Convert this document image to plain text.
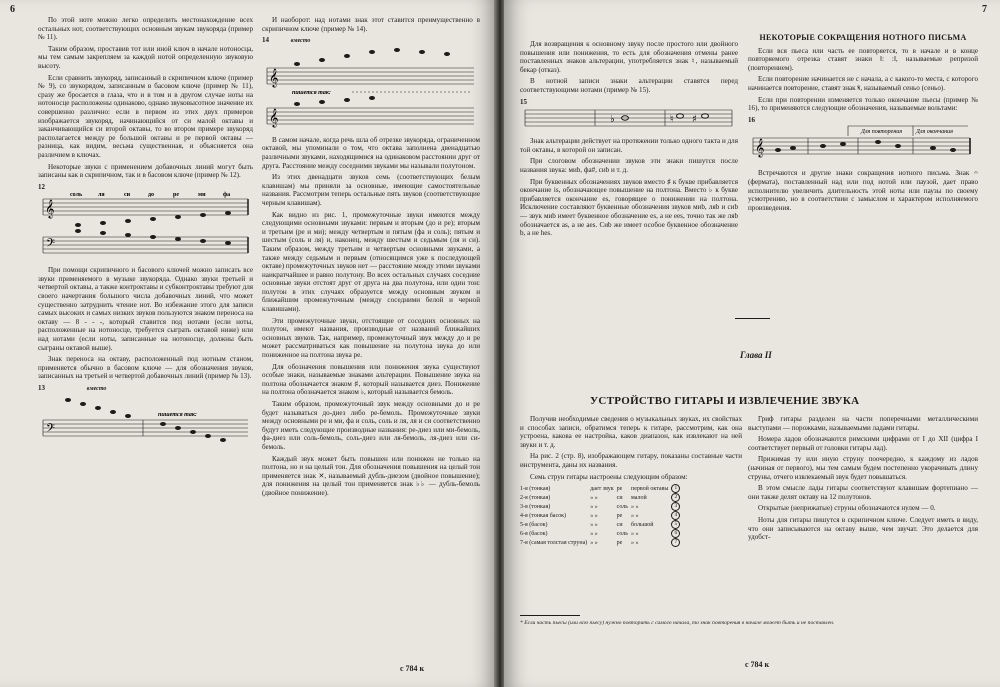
6

По этой ноте можно легко определить местонахождение всех остальных нот, соответствующих основным звукам звукоряда (пример № 11).

Таким образом, проставив тот или иной ключ в начале нотоносца, мы тем самым закрепляем за каждой нотой определенную звуковую высоту.

Если сравнить звукоряд, записанный в скрипичном ключе (пример № 9), со звукорядом, записанным в басовом ключе (пример № 11), сразу же бросается в глаза, что и в том и в другом случае ноты на нотоносце расположены одинаково, однако звуковысотное значение их совершенно различно: если в первом из этих двух примеров изображается звукоряд, начинающийся от си малой октавы и заканчивающийся си второй октавы, то во втором примере звукоряд располагается между ре большой октавы и ре первой октавы — разница, как видим, весьма существенная, и объясняется она различием в ключах.

Некоторые звуки с применением добавочных линий могут быть записаны как в скрипичном, так и в басовом ключе (пример № 12).

12
𝄞
𝄢
соль	ля	си	до	ре	ми	фа

При помощи скрипичного и басового ключей можно записать все звуки применяемого в музыке звукоряда. Однако звуки третьей и четвертой октавы, а также контроктавы и субконтроктавы требуют для своего начертания большого числа добавочных линий, что может существенно затруднить чтение нот. Во избежание этого для записи самых высоких и самых низких звуков пользуются знаком переноса на октаву — 8 - - -, который ставится под нотами (если ноты, расположенные на нотоносце, требуется сыграть октавой ниже) или над нотами (если ноты, записанные на нотоносце, должны быть сыграны октавой выше).

Знак переноса на октаву, расположенный под нотным станом, применяется обычно в басовом ключе — для обозначения звуков, записанных на третьей и четвертой добавочных линий (пример № 13).

13	вместо
𝄢
пишется так:

И наоборот: над нотами знак этот ставится преимущественно в скрипичном ключе (пример № 14).

14	вместо
𝄞
𝄞
пишется так:

В самом начале, когда речь шла об отрезке звукоряда, ограниченном октавой, мы упоминали о том, что октава заполнена двенадцатью различными звуками, находящимися на одинаковом расстоянии друг от друга. Расстояние между соседними звуками мы называли полутоном.

Из этих двенадцати звуков семь (соответствующих белым клавишам) мы приняли за основные, имеющие самостоятельные названия. Рассмотрим теперь остальные пять звуков (соответствующие черным клавишам).

Как видно из рис. 1, промежуточные звуки имеются между следующими основными звуками: первым и вторым (до и ре); вторым и третьим (ре и ми); между четвертым и пятым (фа и соль); пятым и шестым (соль и ля) и, наконец, между шестым и седьмым (ля и си). Таким образом, между третьим и четвертым основными звуками, а также между седьмым и первым (относящимся уже к последующей октаве) промежуточных звуков нет — расстояние между этими звуками наикратчайшее и равно полутону. Во всех остальных случаях соседние основные звуки отстоят друг от друга на два полутона, или один тон: полутон в этих случаях образуется между основным звуком и ближайшим промежуточным (между соседними белой и черной клавишами).

Эти промежуточные звуки, отстоящие от соседних основных на полутон, имеют названия, производные от названий ближайших основных звуков. Так, например, промежуточный звук между до и ре может рассматриваться как повышение на полутона звука до или пониженное на полтона звука ре.

Для обозначения повышения или понижения звука существуют особые знаки, называемые знаками альтерации. Повышение звука на полтона обозначается знаком ♯, который называется диез. Понижение на полтона обозначается знаком ♭, который называется бемоль.

Таким образом, промежуточный звук между основными до и ре будет называться до-диез либо ре-бемоль. Промежуточные звуки между основными ре и ми, фа и соль, соль и ля, ля и си соответственно будут иметь следующие производные названия: ре-диез или ми-бемоль, фа-диез или соль-бемоль, соль-диез или ля-бемоль, ля-диез или си-бемоль.

Каждый звук может быть повышен или понижен не только на полтона, но и на целый тон. Для обозначения повышения на целый тон применяется знак ✕, называемый дубль-диезом (двойное повышение); для понижения на целый тон применяется знак ♭♭ — дубль-бемоль (двойное понижение).

с 784 к
7

Для возвращения к основному звуку после простого или двойного повышения или понижения, то есть для обозначения отмены ранее поставленных знаков альтерации, употребляется знак ♮, называемый бекар (отказ).

В нотной записи знаки альтерации ставятся перед соответствующими нотами (пример № 15).

15
♭	♮ ♯

Знак альтерации действует на протяжении только одного такта и для той октавы, в которой он записан.

При слоговом обозначении звуков эти знаки пишутся после названия звука: миb, фа#, сиb и т. д.

При буквенных обозначениях звуков вместо ♯ к букве прибавляется окончание is, обозначающее повышение на полтона. Вместо ♭ к букве прибавляется окончание es, говорящее о понижении на полтона. Исключение составляют буквенные обозначения звуков миb, ляb и сиb — звук миb имеет буквенное обозначение es, а не ees, точно так же ляb обозначается as, а не aes. Сиb же имеет особое буквенное обозначение b, а не hes.

НЕКОТОРЫЕ СОКРАЩЕНИЯ НОТНОГО ПИСЬМА

Если вся пьеса или часть ее повторяется, то в начале и в конце повторяемого отрезка ставят знаки ‖: :‖, называемые репризой (повторением).

Если повторение начинается не с начала, а с какого-то места, с которого начинается повторение, ставят знак 𝄋, называемый сеньо (сеньо).

Если при повторении изменяется только окончание пьесы (пример № 16), то применяются следующие обозначения, называемые вольтами:

16
𝄞
Для повторения Для окончания

Встречаются и другие знаки сокращения нотного письма. Знак 𝄐 (фермата), поставленный над или под нотой или паузой, дает право исполнителю увеличить длительность этой ноты или паузы по своему усмотрению, но в соответствии с замыслом и характером исполняемого произведения.

Глава II
УСТРОЙСТВО ГИТАРЫ И ИЗВЛЕЧЕНИЕ ЗВУКА

Получив необходимые сведения о музыкальных звуках, их свойствах и способах записи, обратимся теперь к гитаре, рассмотрим, как она устроена, какова ее настройка, каков диапазон, как извлекают на ней звуки и т. д.

На рис. 2 (стр. 8), изображающем гитару, показаны составные части инструмента, даны их названия.

Семь струн гитары настроены следующим образом:

1-я (тонкая)	дает звук	ре	первой октавы	1
2-я (тонкая)	» »	си	малой	2
3-я (тонкая)	» »	соль	» »	3
4-я (тонкая басок)	» »	ре	» »	4
5-я (басок)	» »	си	большой	5
6-я (басок)	» »	соль	» »	6
7-я (самая толстая струна)	» »	ре	» »	7

Гриф гитары разделен на части поперечными металлическими выступами — порожками, называемыми ладами гитары.

Номера ладов обозначаются римскими цифрами от I до XII (цифра I соответствует первый от головки гитары лад).

Прижимая ту или иную струну поочередно, к каждому из ладов (начиная от первого), мы тем самым будем постепенно укорачивать длину струны, отчего извлекаемый звук будет повышаться.

В этом смысле лады гитары соответствуют клавишам фортепиано — они также делят октаву на 12 полутонов.

Открытые (неприжатые) струны обозначаются нулем — 0.

Ноты для гитары пишутся в скрипичном ключе. Следует иметь в виду, что они записываются на октаву выше, чем звучат. Это делается для удобст-

* Если часть пьесы (или всю пьесу) нужно повторить с самого начала, то знак повторения в начале может быть и не поставлен.
с 784 к
